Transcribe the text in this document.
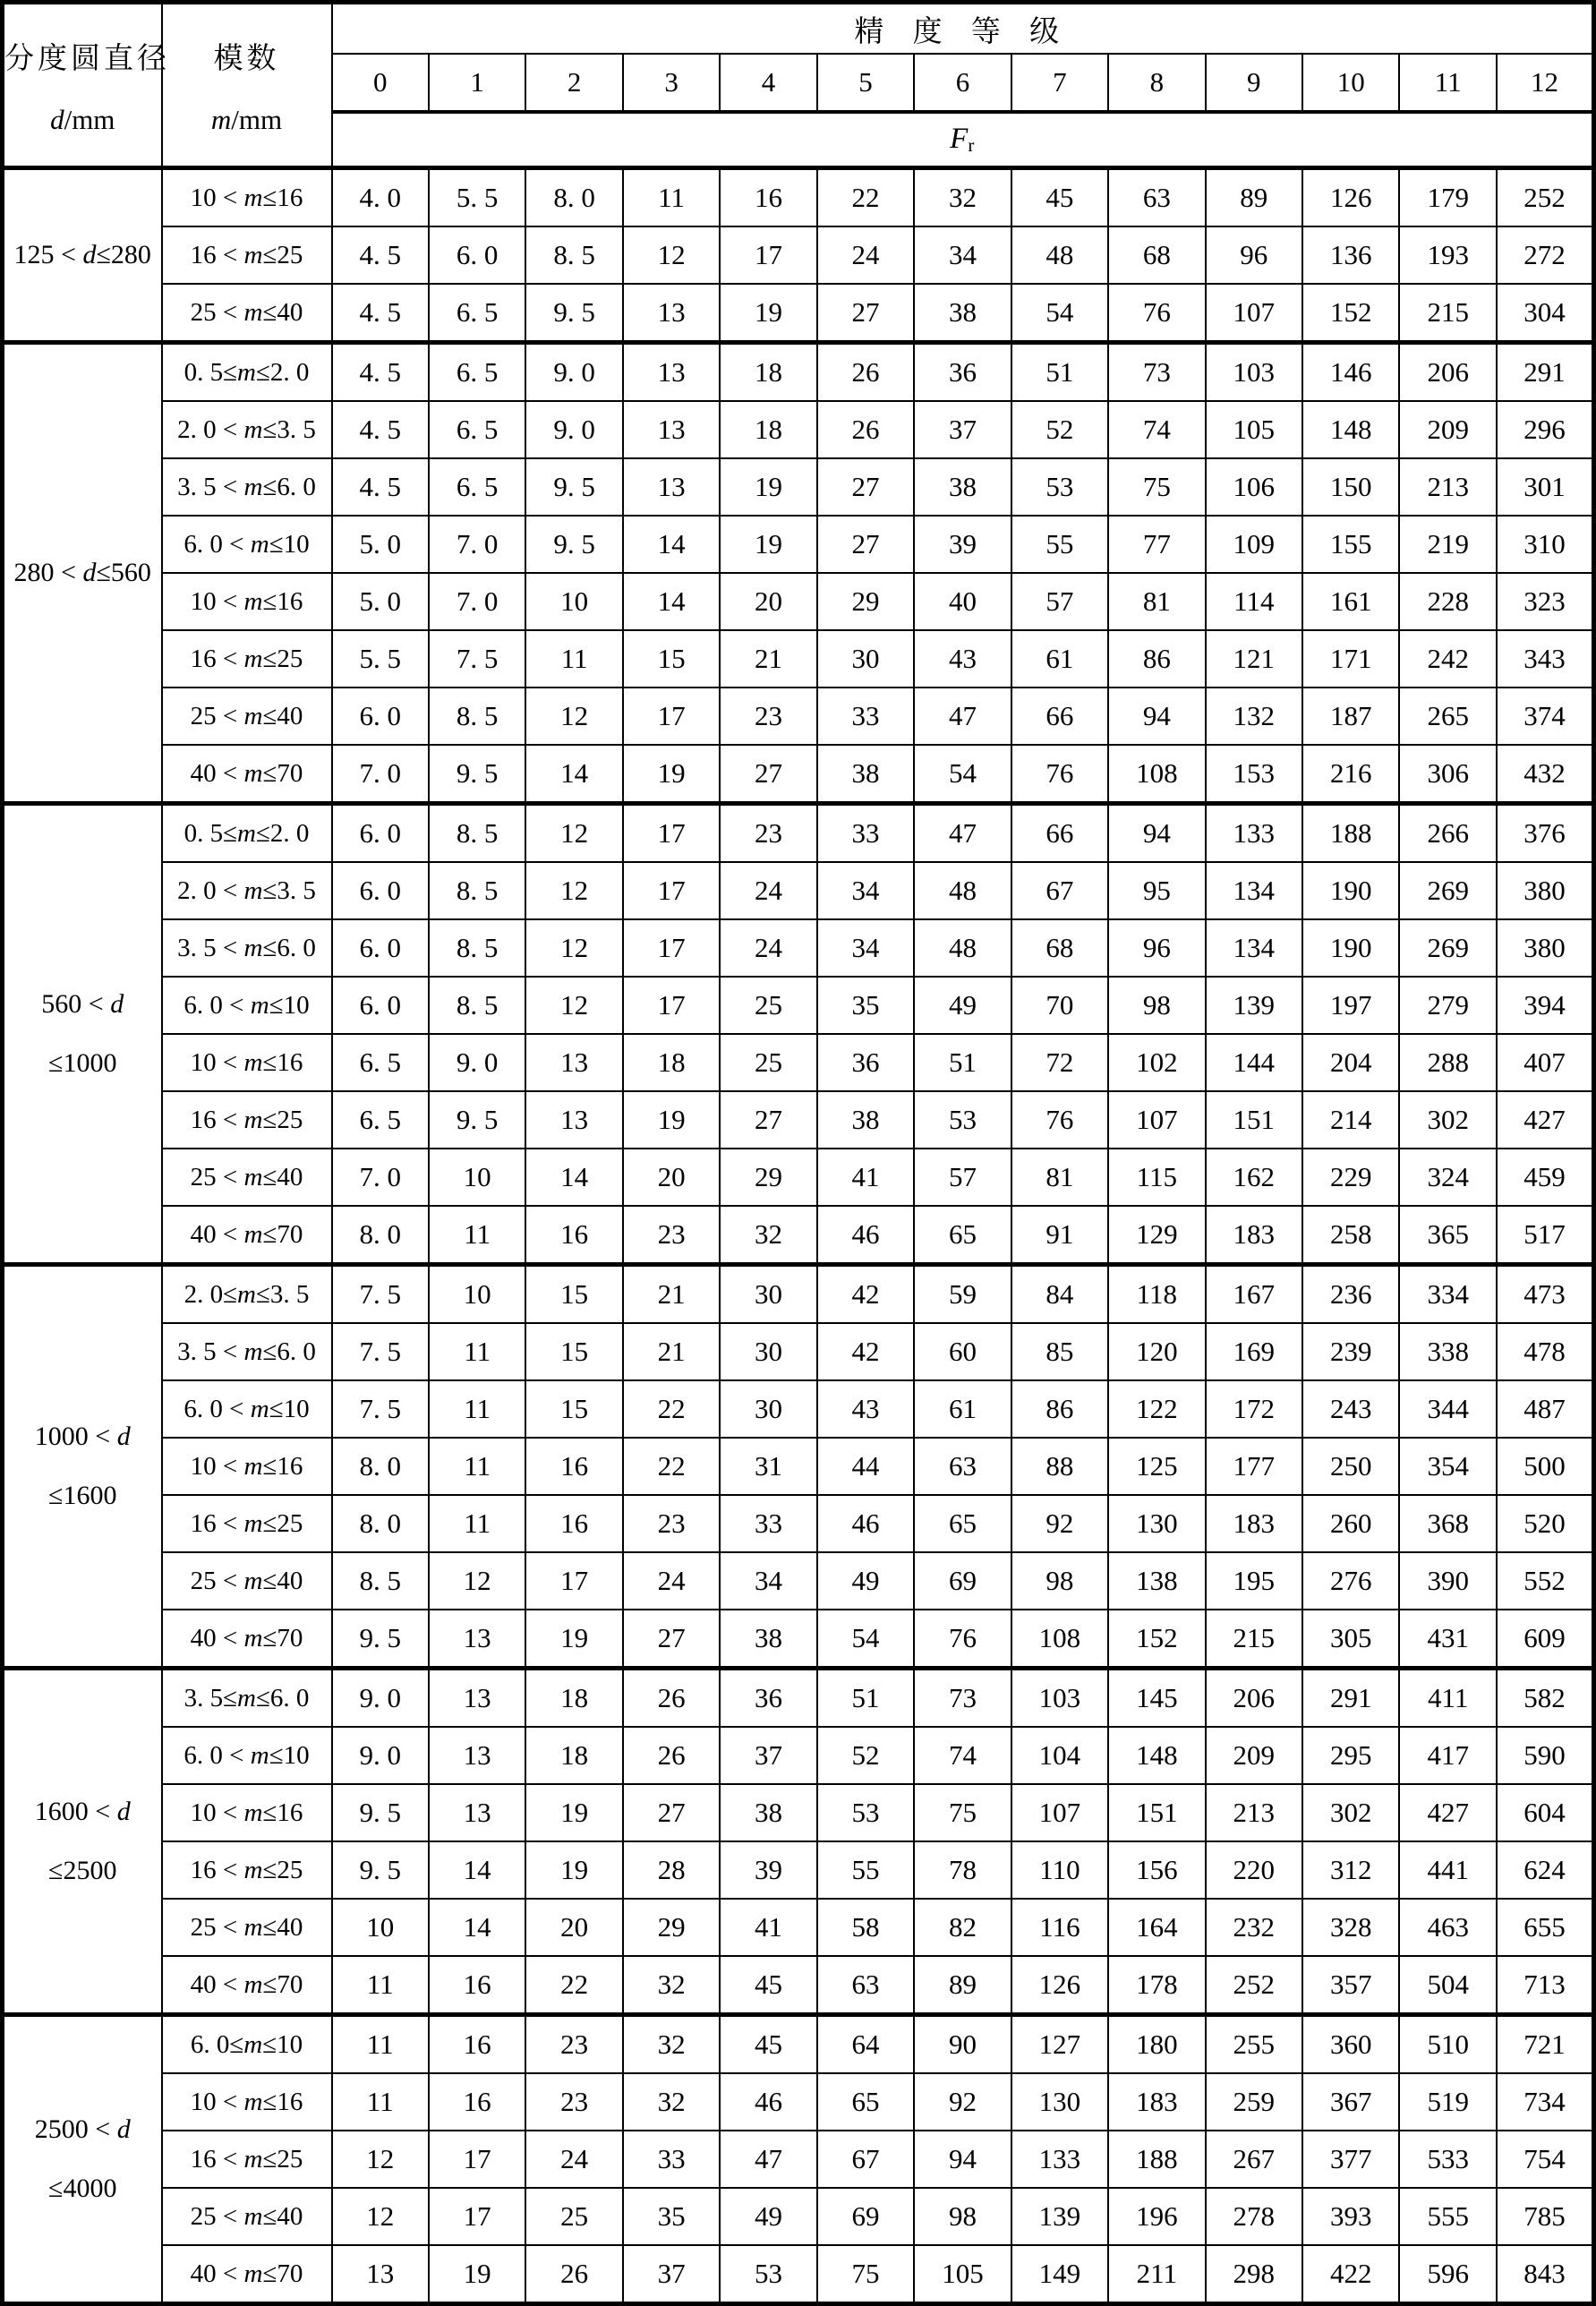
分度圆直径
d/mm

模数
m/mm
	精 度 等 级
		0	1	2	3	4	5	6	7	8	9	10	11	12
		$F_r$
125 < d≤280	10 < m≤16	4. 0	5. 5	8. 0	11	16	22	32	45	63	89	126	179	252
	16 < m≤25	4. 5	6. 0	8. 5	12	17	24	34	48	68	96	136	193	272
	25 < m≤40	4. 5	6. 5	9. 5	13	19	27	38	54	76	107	152	215	304
280 < d≤560	0. 5≤m≤2. 0	4. 5	6. 5	9. 0	13	18	26	36	51	73	103	146	206	291
	2. 0 < m≤3. 5	4. 5	6. 5	9. 0	13	18	26	37	52	74	105	148	209	296
	3. 5 < m≤6. 0	4. 5	6. 5	9. 5	13	19	27	38	53	75	106	150	213	301
	6. 0 < m≤10	5. 0	7. 0	9. 5	14	19	27	39	55	77	109	155	219	310
	10 < m≤16	5. 0	7. 0	10	14	20	29	40	57	81	114	161	228	323
	16 < m≤25	5. 5	7. 5	11	15	21	30	43	61	86	121	171	242	343
	25 < m≤40	6. 0	8. 5	12	17	23	33	47	66	94	132	187	265	374
	40 < m≤70	7. 0	9. 5	14	19	27	38	54	76	108	153	216	306	432
560 < d
≤1000	0. 5≤m≤2. 0	6. 0	8. 5	12	17	23	33	47	66	94	133	188	266	376
	2. 0 < m≤3. 5	6. 0	8. 5	12	17	24	34	48	67	95	134	190	269	380
	3. 5 < m≤6. 0	6. 0	8. 5	12	17	24	34	48	68	96	134	190	269	380
	6. 0 < m≤10	6. 0	8. 5	12	17	25	35	49	70	98	139	197	279	394
	10 < m≤16	6. 5	9. 0	13	18	25	36	51	72	102	144	204	288	407
	16 < m≤25	6. 5	9. 5	13	19	27	38	53	76	107	151	214	302	427
	25 < m≤40	7. 0	10	14	20	29	41	57	81	115	162	229	324	459
	40 < m≤70	8. 0	11	16	23	32	46	65	91	129	183	258	365	517
1000 < d
≤1600	2. 0≤m≤3. 5	7. 5	10	15	21	30	42	59	84	118	167	236	334	473
	3. 5 < m≤6. 0	7. 5	11	15	21	30	42	60	85	120	169	239	338	478
	6. 0 < m≤10	7. 5	11	15	22	30	43	61	86	122	172	243	344	487
	10 < m≤16	8. 0	11	16	22	31	44	63	88	125	177	250	354	500
	16 < m≤25	8. 0	11	16	23	33	46	65	92	130	183	260	368	520
	25 < m≤40	8. 5	12	17	24	34	49	69	98	138	195	276	390	552
	40 < m≤70	9. 5	13	19	27	38	54	76	108	152	215	305	431	609
1600 < d
≤2500	3. 5≤m≤6. 0	9. 0	13	18	26	36	51	73	103	145	206	291	411	582
	6. 0 < m≤10	9. 0	13	18	26	37	52	74	104	148	209	295	417	590
	10 < m≤16	9. 5	13	19	27	38	53	75	107	151	213	302	427	604
	16 < m≤25	9. 5	14	19	28	39	55	78	110	156	220	312	441	624
	25 < m≤40	10	14	20	29	41	58	82	116	164	232	328	463	655
	40 < m≤70	11	16	22	32	45	63	89	126	178	252	357	504	713
2500 < d
≤4000	6. 0≤m≤10	11	16	23	32	45	64	90	127	180	255	360	510	721
	10 < m≤16	11	16	23	32	46	65	92	130	183	259	367	519	734
	16 < m≤25	12	17	24	33	47	67	94	133	188	267	377	533	754
	25 < m≤40	12	17	25	35	49	69	98	139	196	278	393	555	785
	40 < m≤70	13	19	26	37	53	75	105	149	211	298	422	596	843
